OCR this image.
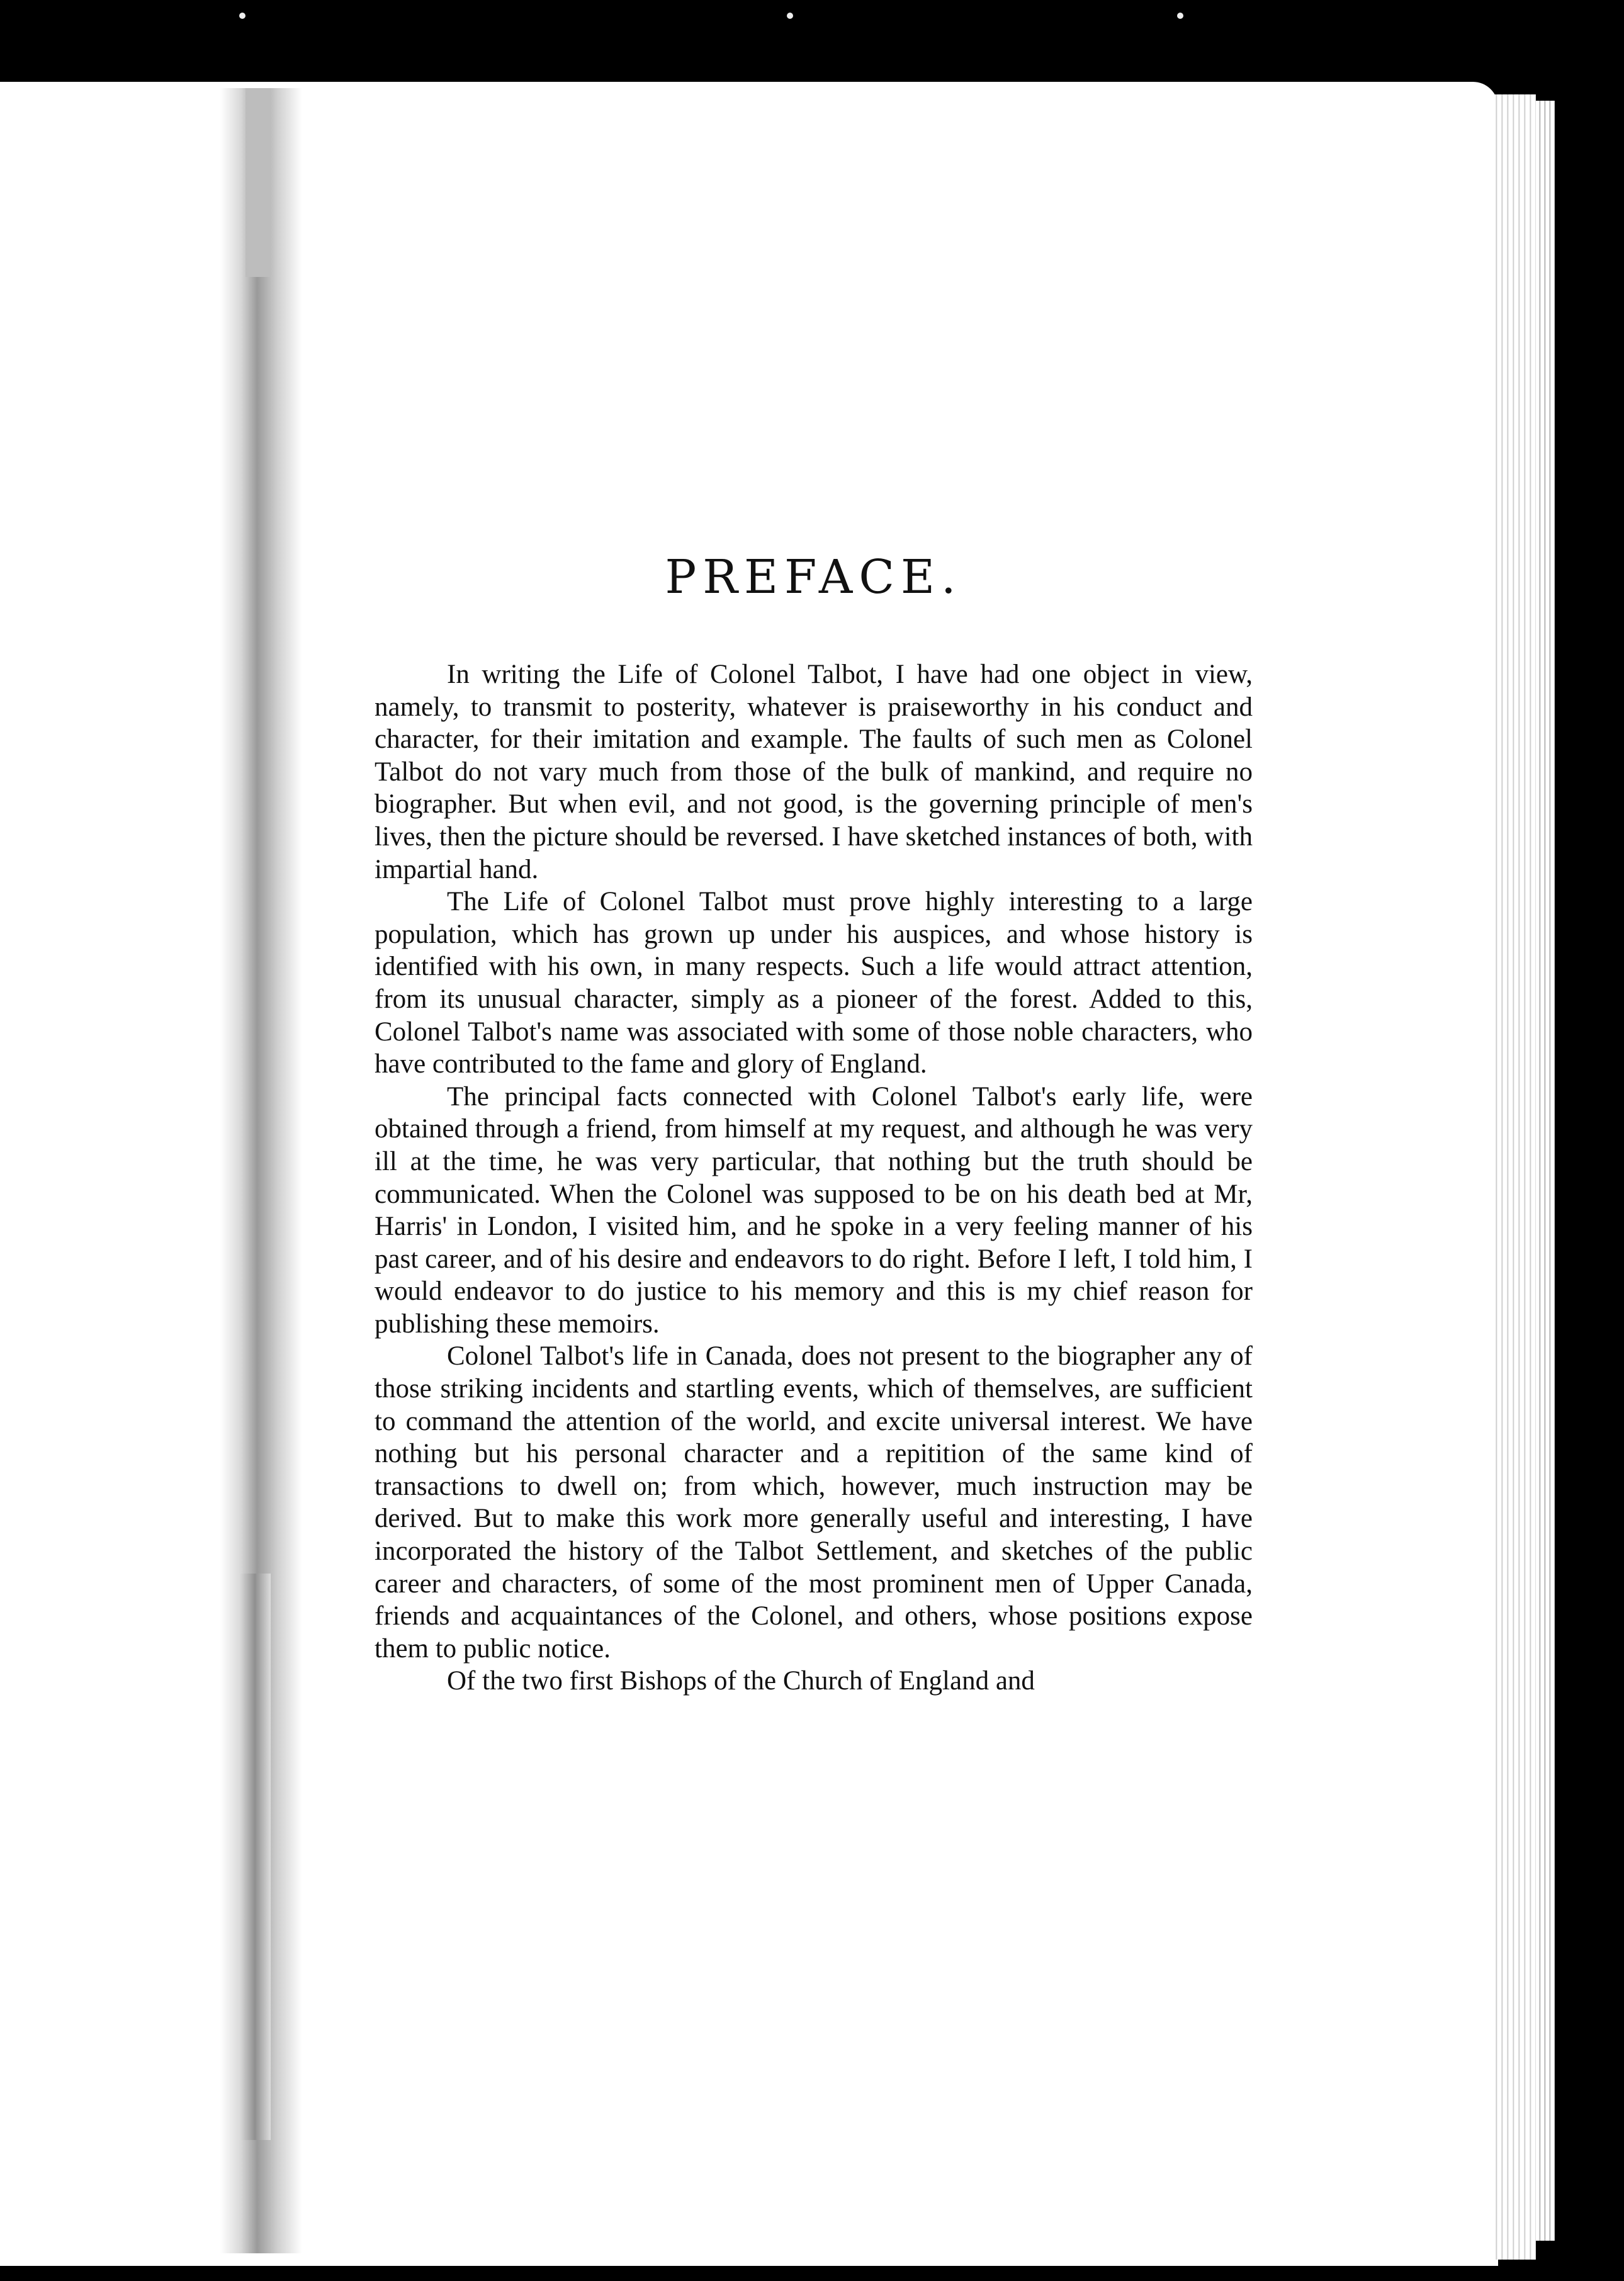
PREFACE.

In writing the Life of Colonel Talbot, I have had one object in view, namely, to transmit to posterity, whatever is praiseworthy in his conduct and character, for their imitation and example. The faults of such men as Colonel Talbot do not vary much from those of the bulk of mankind, and require no biographer. But when evil, and not good, is the governing principle of men's lives, then the picture should be reversed. I have sketched instances of both, with impartial hand.

The Life of Colonel Talbot must prove highly interesting to a large population, which has grown up under his auspices, and whose history is identified with his own, in many respects. Such a life would attract attention, from its unusual character, simply as a pioneer of the forest. Added to this, Colonel Talbot's name was associated with some of those noble characters, who have contributed to the fame and glory of England.

The principal facts connected with Colonel Talbot's early life, were obtained through a friend, from himself at my request, and although he was very ill at the time, he was very particular, that nothing but the truth should be communicated. When the Colonel was supposed to be on his death bed at Mr, Harris' in London, I visited him, and he spoke in a very feeling manner of his past career, and of his desire and endeavors to do right. Before I left, I told him, I would endeavor to do justice to his memory and this is my chief reason for publishing these memoirs.

Colonel Talbot's life in Canada, does not present to the biographer any of those striking incidents and startling events, which of themselves, are sufficient to command the attention of the world, and excite universal interest. We have nothing but his personal character and a repitition of the same kind of transactions to dwell on; from which, however, much instruction may be derived. But to make this work more generally useful and interesting, I have incorporated the history of the Talbot Settlement, and sketches of the public career and characters, of some of the most prominent men of Upper Canada, friends and acquaintances of the Colonel, and others, whose positions expose them to public notice.

Of the two first Bishops of the Church of England and
